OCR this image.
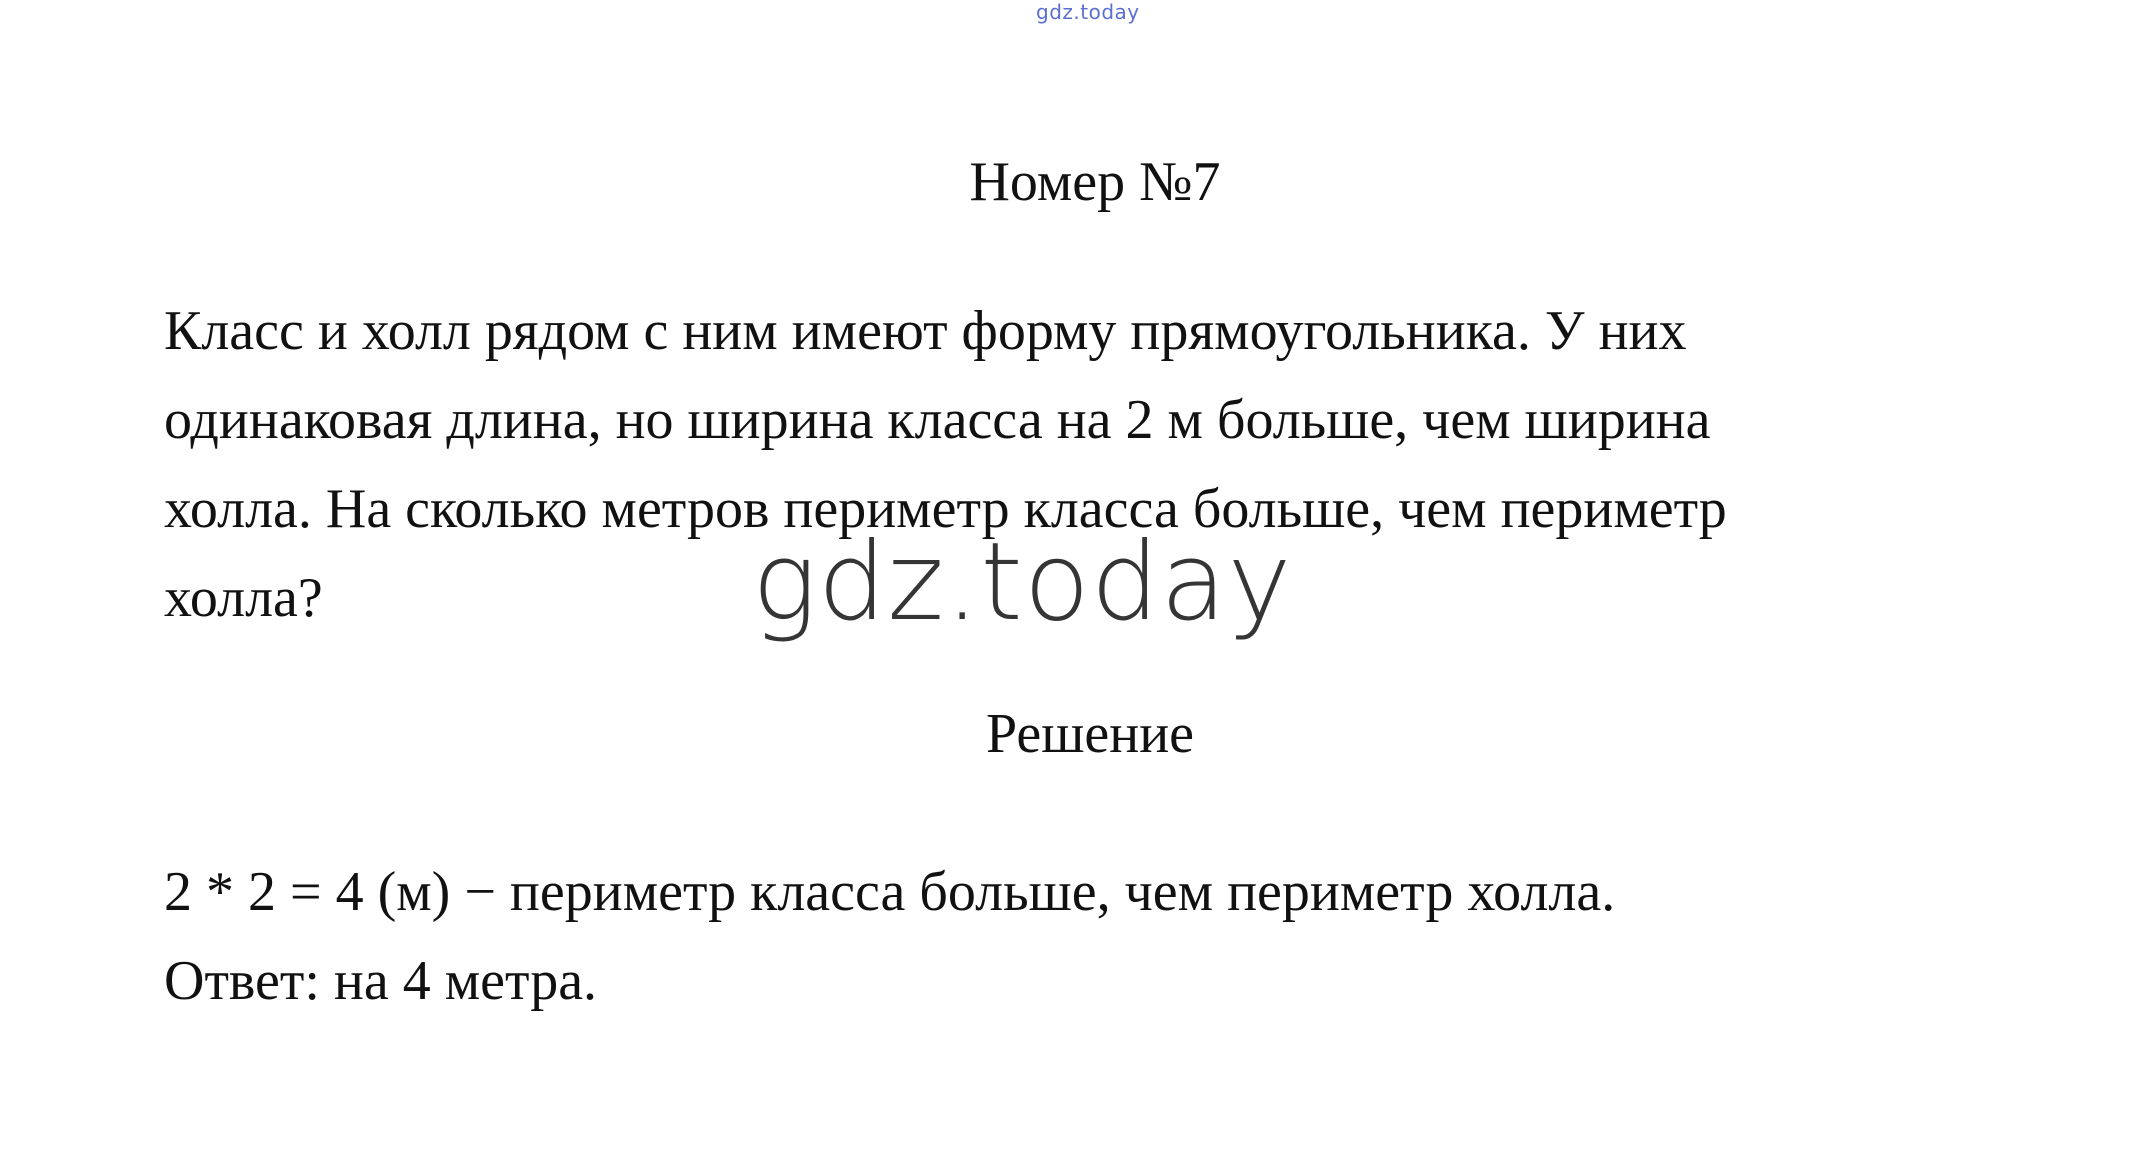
gdz.today
Номер №7
Класс и холл рядом с ним имеют форму прямоугольника. У них
одинаковая длина, но ширина класса на 2 м больше, чем ширина
холла. На сколько метров периметр класса больше, чем периметр
холла?	gdz.today
Решение
2 * 2 = 4 (м) − периметр класса больше, чем периметр холла.
Ответ: на 4 метра.
